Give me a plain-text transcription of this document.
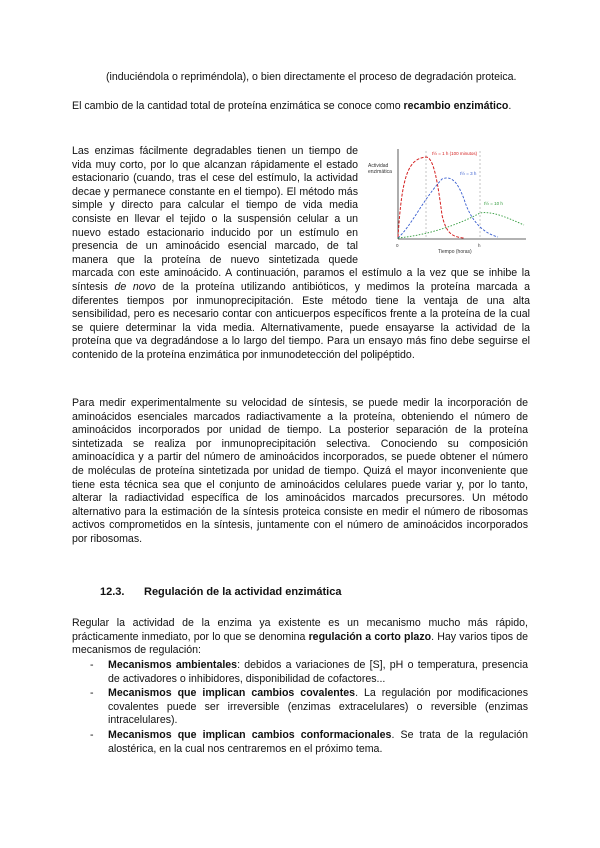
(induciéndola o repriméndola), o bien directamente el proceso de degradación proteica.

El cambio de la cantidad total de proteína enzimática se conoce como recambio enzimático.

Actividad
enzimática
t½ = 1 h (100 minutos)
t½ = 3 h
t½ = 10 h
0	h
Tiempo (horas)
Las enzimas fácilmente degradables tienen un tiempo de vida muy corto, por lo que alcanzan rápidamente el estado estacionario (cuando, tras el cese del estímulo, la actividad decae y permanece constante en el tiempo). El método más simple y directo para calcular el tiempo de vida media consiste en llevar el tejido o la suspensión celular a un nuevo estado estacionario inducido por un estímulo en presencia de un aminoácido esencial marcado, de tal manera que la proteína de nuevo sintetizada quede marcada con este aminoácido. A continuación, paramos el estímulo a la vez que se inhibe la síntesis de novo de la proteína utilizando antibióticos, y medimos la proteína marcada a diferentes tiempos por inmunoprecipitación. Este método tiene la ventaja de una alta sensibilidad, pero es necesario contar con anticuerpos específicos frente a la proteína de la cual se quiere determinar la vida media. Alternativamente, puede ensayarse la actividad de la proteína que va degradándose a lo largo del tiempo. Para un ensayo más fino debe seguirse el contenido de la proteína enzimática por inmunodetección del polipéptido.

Para medir experimentalmente su velocidad de síntesis, se puede medir la incorporación de aminoácidos esenciales marcados radiactivamente a la proteína, obteniendo el número de aminoácidos incorporados por unidad de tiempo. La posterior separación de la proteína sintetizada se realiza por inmunoprecipitación selectiva. Conociendo su composición aminoacídica y a partir del número de aminoácidos incorporados, se puede obtener el número de moléculas de proteína sintetizada por unidad de tiempo. Quizá el mayor inconveniente que tiene esta técnica sea que el conjunto de aminoácidos celulares puede variar y, por lo tanto, alterar la radiactividad específica de los aminoácidos marcados precursores. Un método alternativo para la estimación de la síntesis proteica consiste en medir el número de ribosomas activos comprometidos en la síntesis, juntamente con el número de aminoácidos incorporados por ribosomas.

12.3. Regulación de la actividad enzimática

Regular la actividad de la enzima ya existente es un mecanismo mucho más rápido, prácticamente inmediato, por lo que se denomina regulación a corto plazo. Hay varios tipos de mecanismos de regulación:

- Mecanismos ambientales: debidos a variaciones de [S], pH o temperatura, presencia de activadores o inhibidores, disponibilidad de cofactores...
- Mecanismos que implican cambios covalentes. La regulación por modificaciones covalentes puede ser irreversible (enzimas extracelulares) o reversible (enzimas intracelulares).
- Mecanismos que implican cambios conformacionales. Se trata de la regulación alostérica, en la cual nos centraremos en el próximo tema.
